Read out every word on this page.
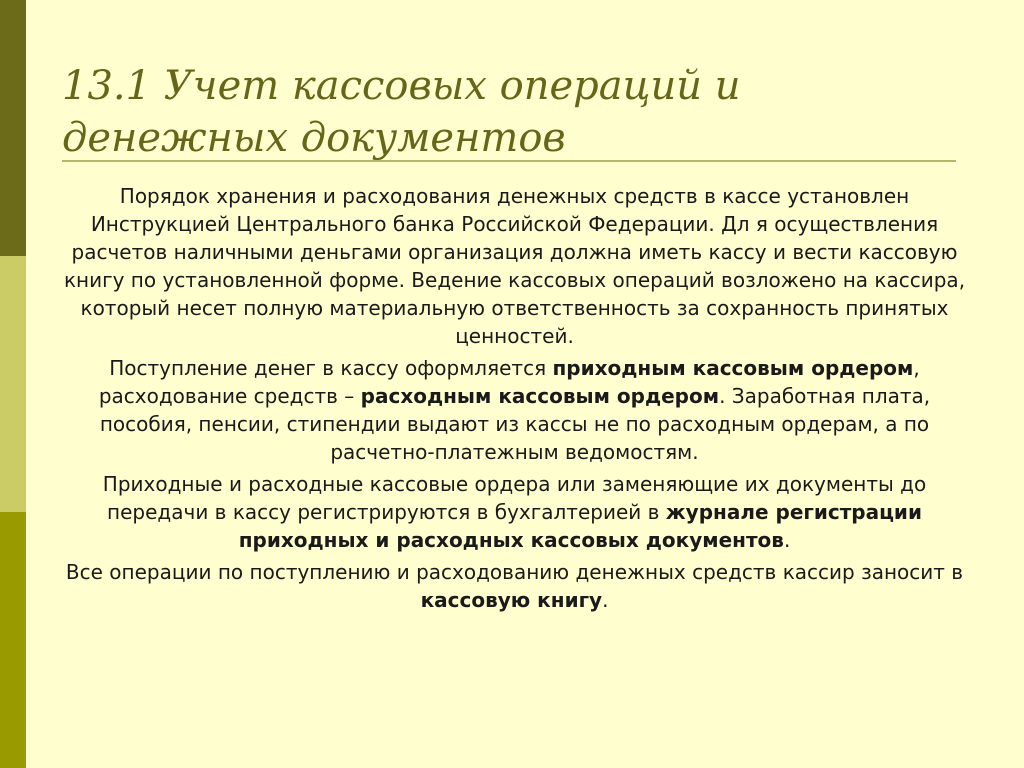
13.1 Учет кассовых операций и денежных документов

Порядок хранения и расходования денежных средств в кассе установлен Инструкцией Центрального банка Российской Федерации. Дл я осуществления расчетов наличными деньгами организация должна иметь кассу и вести кассовую книгу по установленной форме. Ведение кассовых операций возложено на кассира, который несет полную материальную ответственность за сохранность принятых ценностей.

Поступление денег в кассу оформляется приходным кассовым ордером, расходование средств – расходным кассовым ордером. Заработная плата, пособия, пенсии, стипендии выдают из кассы не по расходным ордерам, а по расчетно-платежным ведомостям.

Приходные и расходные кассовые ордера или заменяющие их документы до передачи в кассу регистрируются в бухгалтерией в журнале регистрации приходных и расходных кассовых документов.

Все операции по поступлению и расходованию денежных средств кассир заносит в кассовую книгу.
